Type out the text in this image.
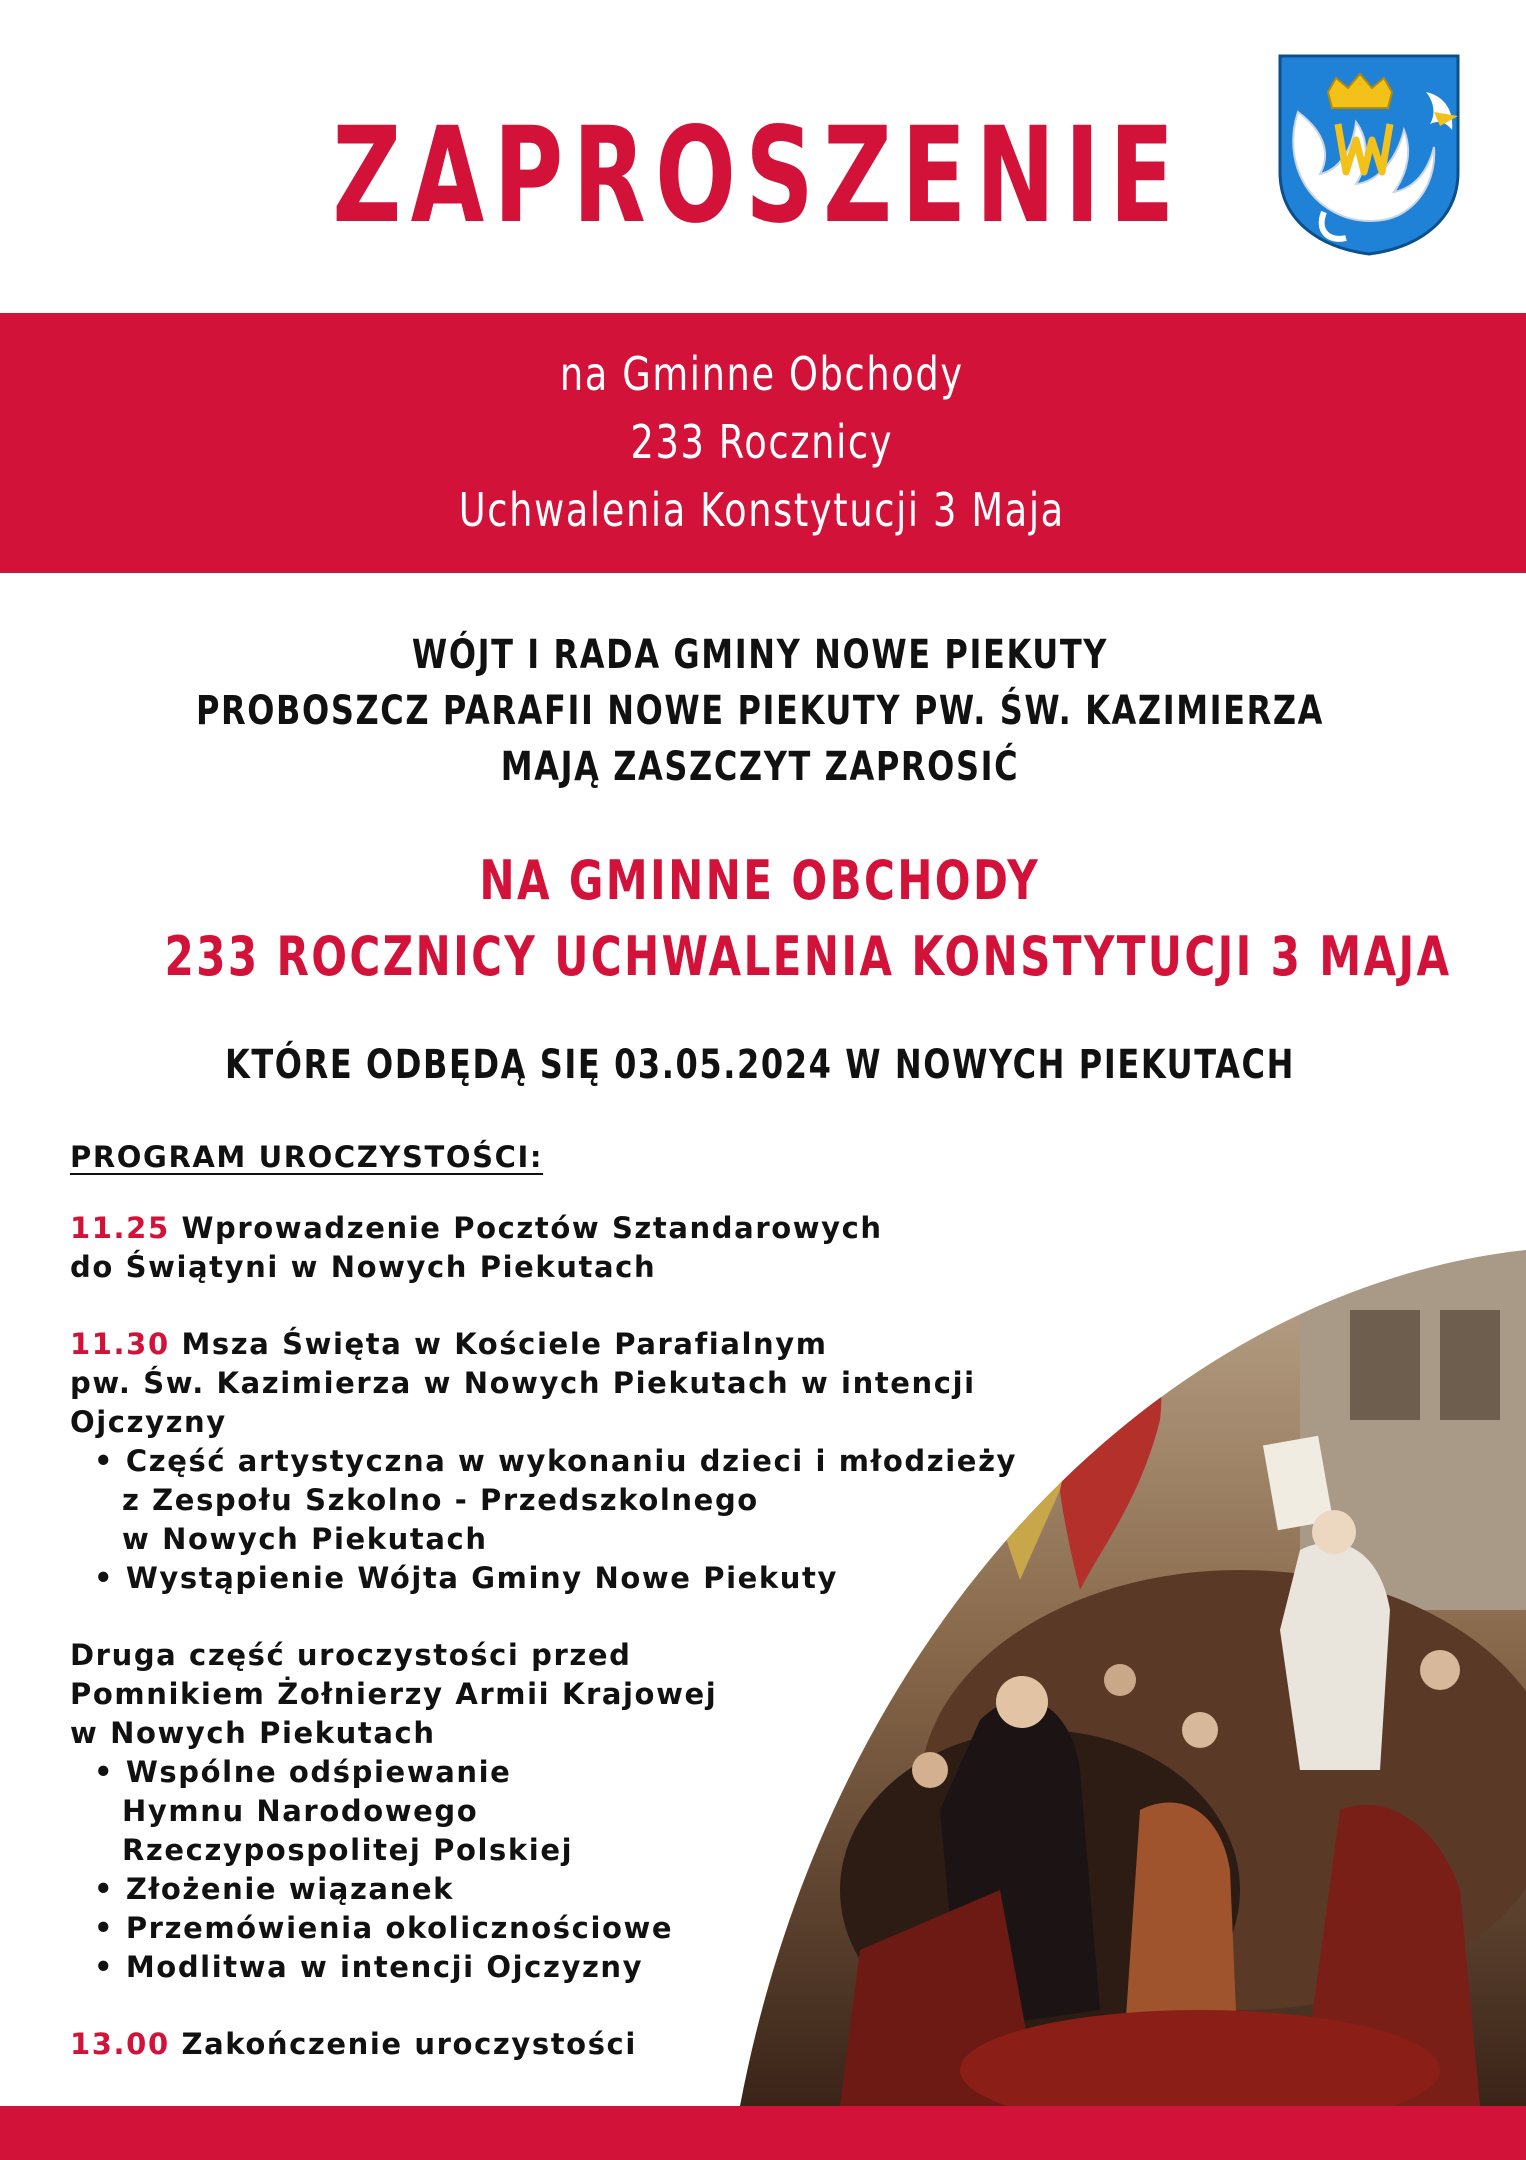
ZAPROSZENIE
na Gminne Obchody
233 Rocznicy
Uchwalenia Konstytucji 3 Maja
WÓJT I RADA GMINY NOWE PIEKUTY
PROBOSZCZ PARAFII NOWE PIEKUTY PW. ŚW. KAZIMIERZA
MAJĄ ZASZCZYT ZAPROSIĆ
NA GMINNE OBCHODY
233 ROCZNICY UCHWALENIA KONSTYTUCJI 3 MAJA
KTÓRE ODBĘDĄ SIĘ 03.05.2024 W NOWYCH PIEKUTACH
PROGRAM UROCZYSTOŚCI:
11.25 Wprowadzenie Pocztów Sztandarowych
do Świątyni w Nowych Piekutach
11.30 Msza Święta w Kościele Parafialnym
pw. Św. Kazimierza w Nowych Piekutach w intencji
Ojczyzny
• Część artystyczna w wykonaniu dzieci i młodzieży
z Zespołu Szkolno - Przedszkolnego
w Nowych Piekutach
• Wystąpienie Wójta Gminy Nowe Piekuty
Druga część uroczystości przed
Pomnikiem Żołnierzy Armii Krajowej
w Nowych Piekutach
• Wspólne odśpiewanie
Hymnu Narodowego
Rzeczypospolitej Polskiej
• Złożenie wiązanek
• Przemówienia okolicznościowe
• Modlitwa w intencji Ojczyzny
13.00 Zakończenie uroczystości
